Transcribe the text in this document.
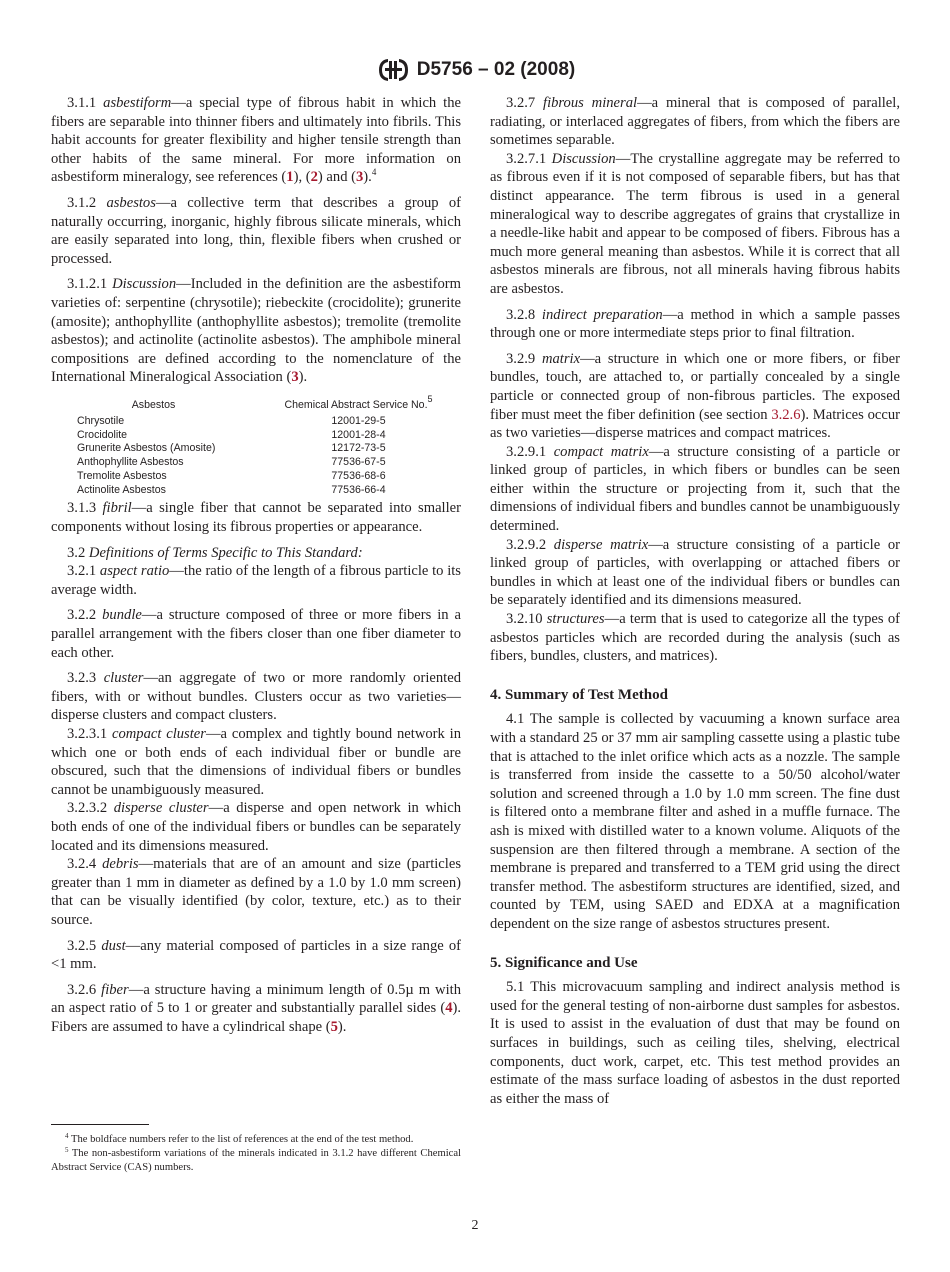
D5756 – 02 (2008)

3.1.1 asbestiform—a special type of fibrous habit in which the fibers are separable into thinner fibers and ultimately into fibrils. This habit accounts for greater flexibility and higher tensile strength than other habits of the same mineral. For more information on asbestiform mineralogy, see references (1), (2) and (3).$^4$

3.1.2 asbestos—a collective term that describes a group of naturally occurring, inorganic, highly fibrous silicate minerals, which are easily separated into long, thin, flexible fibers when crushed or processed.

3.1.2.1 Discussion—Included in the definition are the asbestiform varieties of: serpentine (chrysotile); riebeckite (crocidolite); grunerite (amosite); anthophyllite (anthophyllite asbestos); tremolite (tremolite asbestos); and actinolite (actinolite asbestos). The amphibole mineral compositions are defined according to the nomenclature of the International Mineralogical Association (3).

Asbestos	Chemical Abstract Service No.$^5$
Chrysotile	12001-29-5
Crocidolite	12001-28-4
Grunerite Asbestos (Amosite)	12172-73-5
Anthophyllite Asbestos	77536-67-5
Tremolite Asbestos	77536-68-6
Actinolite Asbestos	77536-66-4

3.1.3 fibril—a single fiber that cannot be separated into smaller components without losing its fibrous properties or appearance.

3.2 Definitions of Terms Specific to This Standard:

3.2.1 aspect ratio—the ratio of the length of a fibrous particle to its average width.

3.2.2 bundle—a structure composed of three or more fibers in a parallel arrangement with the fibers closer than one fiber diameter to each other.

3.2.3 cluster—an aggregate of two or more randomly oriented fibers, with or without bundles. Clusters occur as two varieties—disperse clusters and compact clusters.

3.2.3.1 compact cluster—a complex and tightly bound network in which one or both ends of each individual fiber or bundle are obscured, such that the dimensions of individual fibers or bundles cannot be unambiguously measured.

3.2.3.2 disperse cluster—a disperse and open network in which both ends of one of the individual fibers or bundles can be separately located and its dimensions measured.

3.2.4 debris—materials that are of an amount and size (particles greater than 1 mm in diameter as defined by a 1.0 by 1.0 mm screen) that can be visually identified (by color, texture, etc.) as to their source.

3.2.5 dust—any material composed of particles in a size range of <1 mm.

3.2.6 fiber—a structure having a minimum length of 0.5µ m with an aspect ratio of 5 to 1 or greater and substantially parallel sides (4). Fibers are assumed to have a cylindrical shape (5).

$^4$ The boldface numbers refer to the list of references at the end of the test method.

$^5$ The non-asbestiform variations of the minerals indicated in 3.1.2 have different Chemical Abstract Service (CAS) numbers.

3.2.7 fibrous mineral—a mineral that is composed of parallel, radiating, or interlaced aggregates of fibers, from which the fibers are sometimes separable.

3.2.7.1 Discussion—The crystalline aggregate may be referred to as fibrous even if it is not composed of separable fibers, but has that distinct appearance. The term fibrous is used in a general mineralogical way to describe aggregates of grains that crystallize in a needle-like habit and appear to be composed of fibers. Fibrous has a much more general meaning than asbestos. While it is correct that all asbestos minerals are fibrous, not all minerals having fibrous habits are asbestos.

3.2.8 indirect preparation—a method in which a sample passes through one or more intermediate steps prior to final filtration.

3.2.9 matrix—a structure in which one or more fibers, or fiber bundles, touch, are attached to, or partially concealed by a single particle or connected group of non-fibrous particles. The exposed fiber must meet the fiber definition (see section 3.2.6). Matrices occur as two varieties—disperse matrices and compact matrices.

3.2.9.1 compact matrix—a structure consisting of a particle or linked group of particles, in which fibers or bundles can be seen either within the structure or projecting from it, such that the dimensions of individual fibers and bundles cannot be unambiguously determined.

3.2.9.2 disperse matrix—a structure consisting of a particle or linked group of particles, with overlapping or attached fibers or bundles in which at least one of the individual fibers or bundles can be separately identified and its dimensions measured.

3.2.10 structures—a term that is used to categorize all the types of asbestos particles which are recorded during the analysis (such as fibers, bundles, clusters, and matrices).

4. Summary of Test Method

4.1 The sample is collected by vacuuming a known surface area with a standard 25 or 37 mm air sampling cassette using a plastic tube that is attached to the inlet orifice which acts as a nozzle. The sample is transferred from inside the cassette to a 50/50 alcohol/water solution and screened through a 1.0 by 1.0 mm screen. The fine dust is filtered onto a membrane filter and ashed in a muffle furnace. The ash is mixed with distilled water to a known volume. Aliquots of the suspension are then filtered through a membrane. A section of the membrane is prepared and transferred to a TEM grid using the direct transfer method. The asbestiform structures are identified, sized, and counted by TEM, using SAED and EDXA at a magnification dependent on the size range of asbestos structures present.

5. Significance and Use

5.1 This microvacuum sampling and indirect analysis method is used for the general testing of non-airborne dust samples for asbestos. It is used to assist in the evaluation of dust that may be found on surfaces in buildings, such as ceiling tiles, shelving, electrical components, duct work, carpet, etc. This test method provides an estimate of the mass surface loading of asbestos in the dust reported as either the mass of

2
